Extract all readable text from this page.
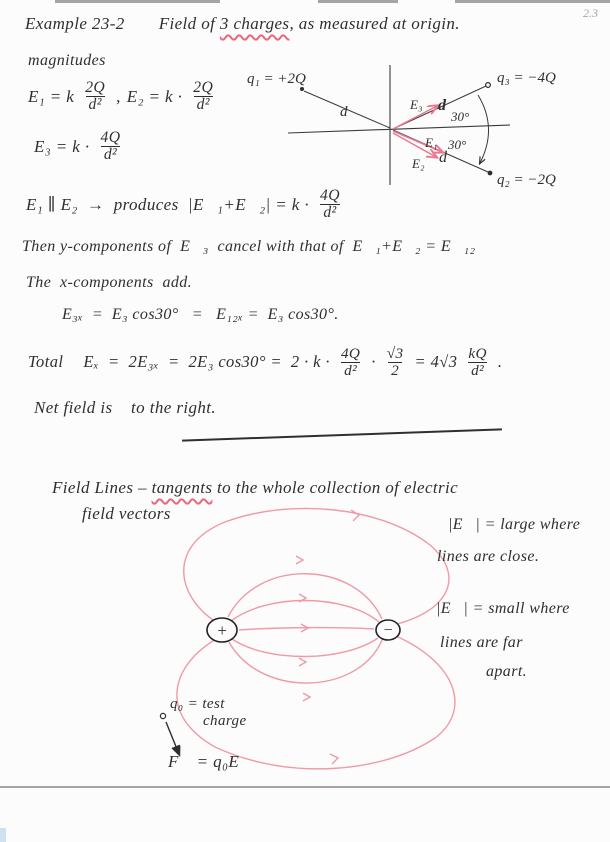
2.3
Example 23-2 Field of 3 charges, as measured at origin.
magnitudes
E₁ = k $\frac{2Q}{\text{d²}}$ , $E_2 = k \cdot \frac{2Q}{\text{d²}}$
$E_3 = k \cdot \frac{4Q}{\text{d²}}$
E₁ ∥ E₂  →  produces  |E⃗₁+E⃗₂| = $k \cdot \frac{4Q}{\text{d²}}$
q₁ = +2Q	q₃ = −4Q
q₂ = −2Q
d	d
d
30°
30°
E₃
E₁
E₂
Then y-components of  E⃗₃  cancel with that of  E⃗₁+E⃗₂ = E⃗₁₂
The  x-components  add.
E₃ₓ  =  E₃ cos30°   =   E₁₂ₓ =  E₃ cos30°.
Total Eₓ  =  2E₃ₓ  =  2E₃ $\cos 30^\circ = 2 \cdot k \cdot \frac{4Q}{\text{d²}} \cdot \frac{√3}{2} = 4√3 \frac{kQ}{\text{d²}}$ .
Net field is    to the right.
Field Lines – tangents to the whole collection of electric
field vectors
+	−
q₀ = test
charge
F⃗ = q₀E⃗
|E⃗| = large where
lines are close.
|E⃗| = small where
lines are far
apart.
